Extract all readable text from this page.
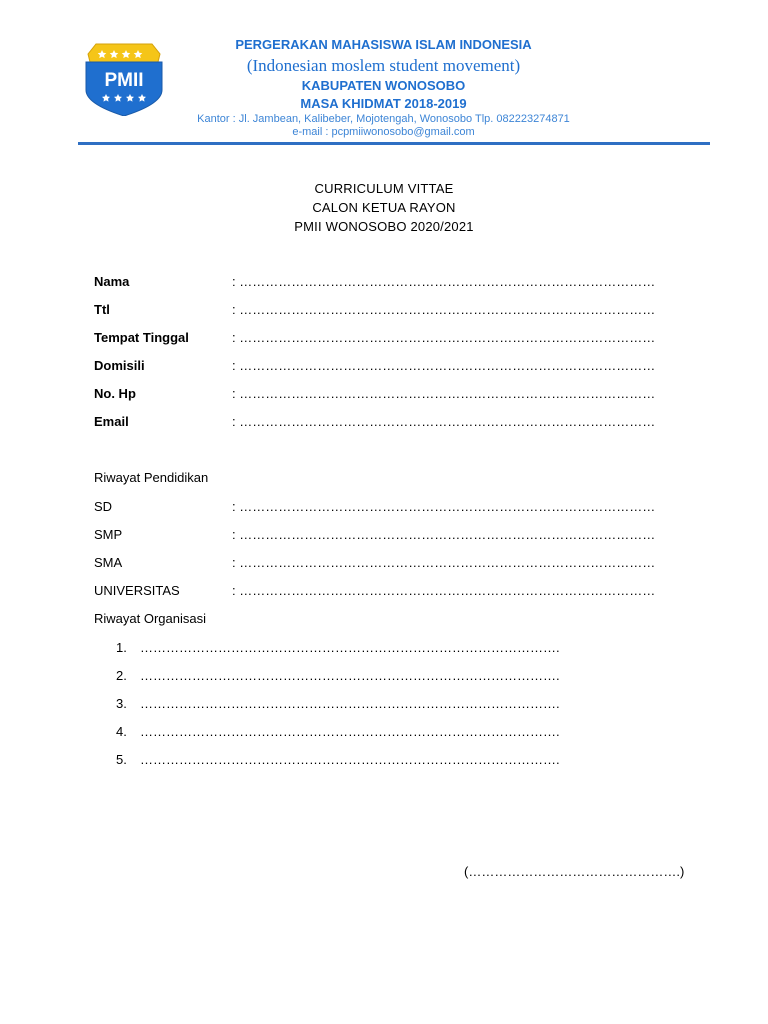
PMII
PERGERAKAN MAHASISWA ISLAM INDONESIA
(Indonesian moslem student movement)
KABUPATEN WONOSOBO
MASA KHIDMAT 2018-2019
Kantor : Jl. Jambean, Kalibeber, Mojotengah, Wonosobo Tlp. 082223274871
e-mail : pcpmiiwonosobo@gmail.com
CURRICULUM VITTAE
CALON KETUA RAYON
PMII WONOSOBO 2020/2021
Nama	: ……………………………………………………………………………………
Ttl	: ……………………………………………………………………………………
Tempat Tinggal	: ……………………………………………………………………………………
Domisili	: ……………………………………………………………………………………
No. Hp	: ……………………………………………………………………………………
Email	: ……………………………………………………………………………………
Riwayat Pendidikan
SD	: ……………………………………………………………………………………
SMP	: ……………………………………………………………………………………
SMA	: ……………………………………………………………………………………
UNIVERSITAS	: ……………………………………………………………………………………
Riwayat Organisasi
1. …………………………………………………………………………………….
2. …………………………………………………………………………………….
3. …………………………………………………………………………………….
4. …………………………………………………………………………………….
5. …………………………………………………………………………………….
(………………………………………….)
